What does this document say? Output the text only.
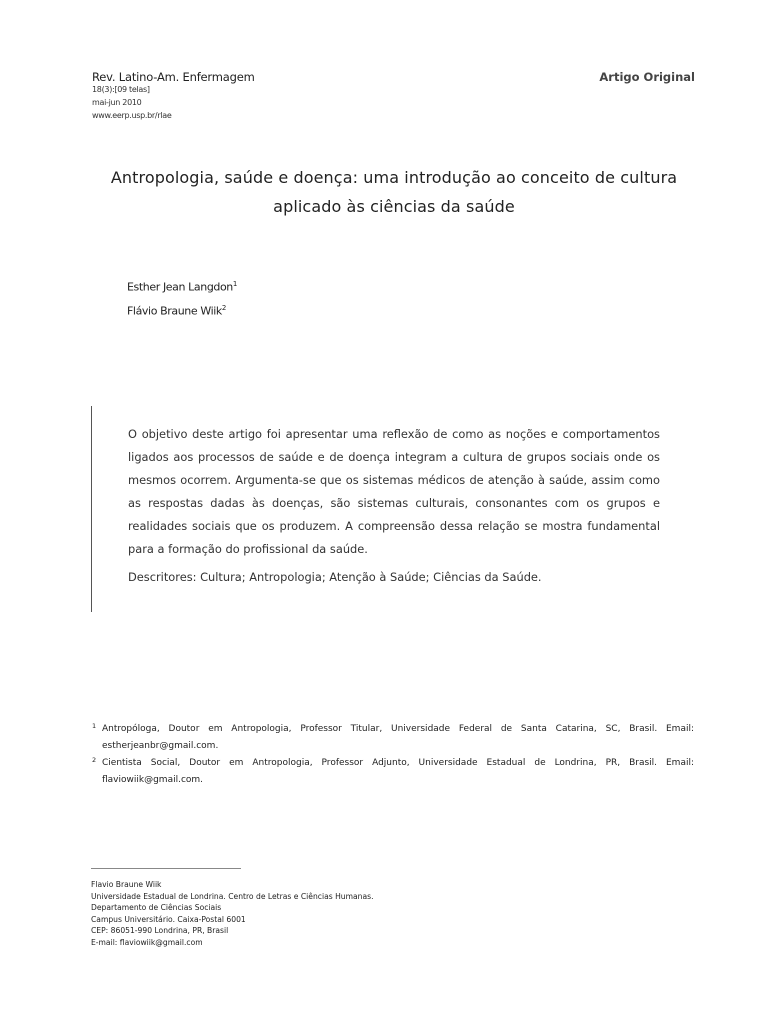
Rev. Latino-Am. Enfermagem
18(3):[09 telas]
mai-jun 2010
www.eerp.usp.br/rlae
Artigo Original
Antropologia, saúde e doença: uma introdução ao conceito de cultura
aplicado às ciências da saúde
Esther Jean Langdon$^1$
Flávio Braune Wiik$^2$
O objetivo deste artigo foi apresentar uma reflexão de como as noções e comportamentos ligados aos processos de saúde e de doença integram a cultura de grupos sociais onde os mesmos ocorrem. Argumenta-se que os sistemas médicos de atenção à saúde, assim como as respostas dadas às doenças, são sistemas culturais, consonantes com os grupos e realidades sociais que os produzem. A compreensão dessa relação se mostra fundamental para a formação do profissional da saúde.
Descritores: Cultura; Antropologia; Atenção à Saúde; Ciências da Saúde.
1 Antropóloga, Doutor em Antropologia, Professor Titular, Universidade Federal de Santa Catarina, SC, Brasil. Email: estherjeanbr@gmail.com.
2 Cientista Social, Doutor em Antropologia, Professor Adjunto, Universidade Estadual de Londrina, PR, Brasil. Email: flaviowiik@gmail.com.
Flavio Braune Wiik
Universidade Estadual de Londrina. Centro de Letras e Ciências Humanas.
Departamento de Ciências Sociais
Campus Universitário. Caixa-Postal 6001
CEP: 86051-990 Londrina, PR, Brasil
E-mail: flaviowiik@gmail.com
